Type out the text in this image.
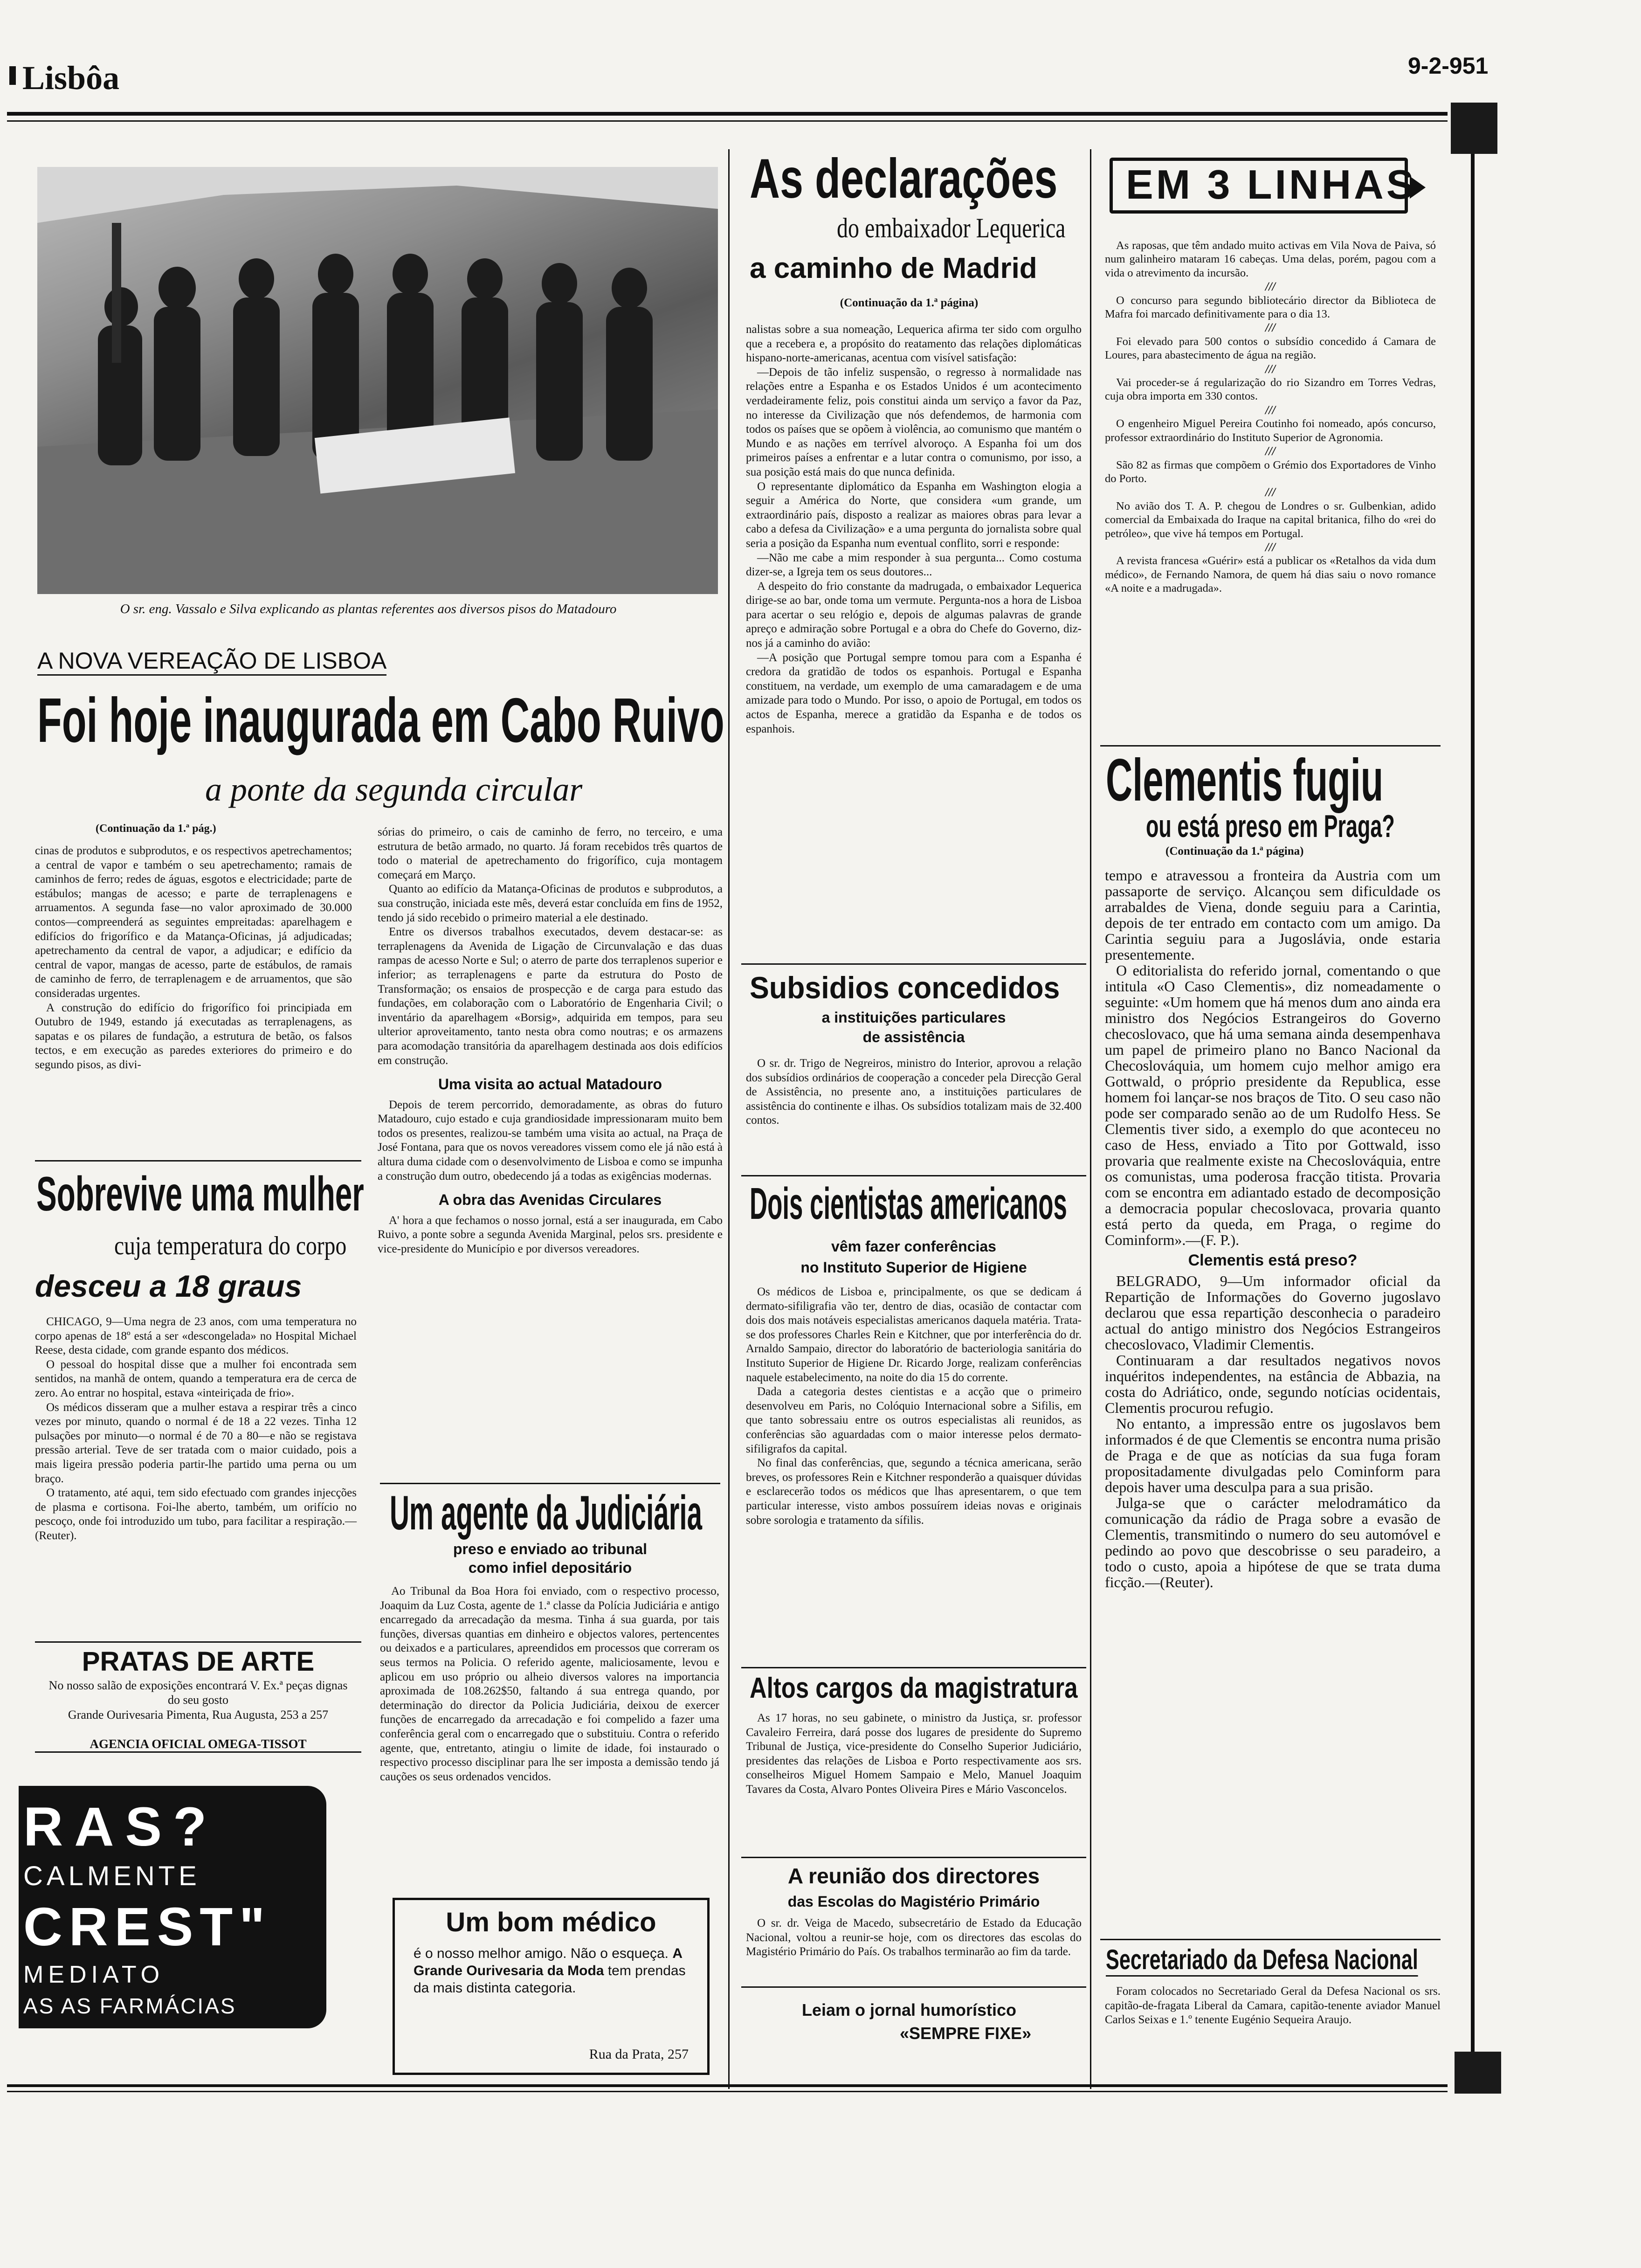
Lisbôa	9-2-951
O sr. eng. Vassalo e Silva explicando as plantas referentes aos diversos pisos do Matadouro
A NOVA VEREAÇÃO DE LISBOA
Foi hoje inaugurada em Cabo Ruivo
a ponte da segunda circular
(Continuação da 1.ª pág.)

cinas de produtos e subprodutos, e os respectivos apetrechamentos; a central de vapor e também o seu apetrechamento; ramais de caminhos de ferro; redes de águas, esgotos e electricidade; parte de estábulos; mangas de acesso; e parte de terraplenagens e arruamentos. A segunda fase—no valor aproximado de 30.000 contos—compreenderá as seguintes empreitadas: aparelhagem e edifícios do frigorífico e da Matança-Oficinas, já adjudicadas; apetrechamento da central de vapor, a adjudicar; e edifício da central de vapor, mangas de acesso, parte de estábulos, de ramais de caminho de ferro, de terraplenagem e de arruamentos, que são consideradas urgentes.

A construção do edifício do frigorífico foi principiada em Outubro de 1949, estando já executadas as terraplenagens, as sapatas e os pilares de fundação, a estrutura de betão, os falsos tectos, e em execução as paredes exteriores do primeiro e do segundo pisos, as divi-

sórias do primeiro, o cais de caminho de ferro, no terceiro, e uma estrutura de betão armado, no quarto. Já foram recebidos três quartos de todo o material de apetrechamento do frigorífico, cuja montagem começará em Março.

Quanto ao edifício da Matança-Oficinas de produtos e subprodutos, a sua construção, iniciada este mês, deverá estar concluída em fins de 1952, tendo já sido recebido o primeiro material a ele destinado.

Entre os diversos trabalhos executados, devem destacar-se: as terraplenagens da Avenida de Ligação de Circunvalação e das duas rampas de acesso Norte e Sul; o aterro de parte dos terraplenos superior e inferior; as terraplenagens e parte da estrutura do Posto de Transformação; os ensaios de prospecção e de carga para estudo das fundações, em colaboração com o Laboratório de Engenharia Civil; o inventário da aparelhagem «Borsig», adquirida em tempos, para seu ulterior aproveitamento, tanto nesta obra como noutras; e os armazens para acomodação transitória da aparelhagem destinada aos dois edifícios em construção.

Uma visita ao actual Matadouro

Depois de terem percorrido, demoradamente, as obras do futuro Matadouro, cujo estado e cuja grandiosidade impressionaram muito bem todos os presentes, realizou-se também uma visita ao actual, na Praça de José Fontana, para que os novos vereadores vissem como ele já não está à altura duma cidade com o desenvolvimento de Lisboa e como se impunha a construção dum outro, obedecendo já a todas as exigências modernas.

A obra das Avenidas Circulares

A' hora a que fechamos o nosso jornal, está a ser inaugurada, em Cabo Ruivo, a ponte sobre a segunda Avenida Marginal, pelos srs. presidente e vice-presidente do Município e por diversos vereadores.

Sobrevive uma mulher
cuja temperatura do corpo
desceu a 18 graus

CHICAGO, 9—Uma negra de 23 anos, com uma temperatura no corpo apenas de 18º está a ser «descongelada» no Hospital Michael Reese, desta cidade, com grande espanto dos médicos.

O pessoal do hospital disse que a mulher foi encontrada sem sentidos, na manhã de ontem, quando a temperatura era de cerca de zero. Ao entrar no hospital, estava «inteiriçada de frio».

Os médicos disseram que a mulher estava a respirar três a cinco vezes por minuto, quando o normal é de 18 a 22 vezes. Tinha 12 pulsações por minuto—o normal é de 70 a 80—e não se registava pressão arterial. Teve de ser tratada com o maior cuidado, pois a mais ligeira pressão poderia partir-lhe partido uma perna ou um braço.

O tratamento, até aqui, tem sido efectuado com grandes injecções de plasma e cortisona. Foi-lhe aberto, também, um orifício no pescoço, onde foi introduzido um tubo, para facilitar a respiração.—(Reuter).

PRATAS DE ARTE
No nosso salão de exposições encontrará V. Ex.ª peças dignas do seu gosto
Grande Ourivesaria Pimenta, Rua Augusta, 253 a 257
AGENCIA OFICIAL OMEGA-TISSOT
RAS?
CALMENTE
CREST"
MEDIATO
AS AS FARMÁCIAS
Um agente da Judiciária
preso e enviado ao tribunal
como infiel depositário

Ao Tribunal da Boa Hora foi enviado, com o respectivo processo, Joaquim da Luz Costa, agente de 1.ª classe da Polícia Judiciária e antigo encarregado da arrecadação da mesma. Tinha á sua guarda, por tais funções, diversas quantias em dinheiro e objectos valores, pertencentes ou deixados e a particulares, apreendidos em processos que correram os seus termos na Policia. O referido agente, maliciosamente, levou e aplicou em uso próprio ou alheio diversos valores na importancia aproximada de 108.262$50, faltando á sua entrega quando, por determinação do director da Policia Judiciária, deixou de exercer funções de encarregado da arrecadação e foi compelido a fazer uma conferência geral com o encarregado que o substituiu. Contra o referido agente, que, entretanto, atingiu o limite de idade, foi instaurado o respectivo processo disciplinar para lhe ser imposta a demissão tendo já cauções os seus ordenados vencidos.

Um bom médico
é o nosso melhor amigo. Não o esqueça. A Grande Ourivesaria da Moda tem prendas da mais distinta categoria.
Rua da Prata, 257
As declarações
do embaixador Lequerica
a caminho de Madrid
(Continuação da 1.ª página)

nalistas sobre a sua nomeação, Lequerica afirma ter sido com orgulho que a recebera e, a propósito do reatamento das relações diplomáticas hispano-norte-americanas, acentua com visível satisfação:

—Depois de tão infeliz suspensão, o regresso à normalidade nas relações entre a Espanha e os Estados Unidos é um acontecimento verdadeiramente feliz, pois constitui ainda um serviço a favor da Paz, no interesse da Civilização que nós defendemos, de harmonia com todos os países que se opõem à violência, ao comunismo que mantém o Mundo e as nações em terrível alvoroço. A Espanha foi um dos primeiros países a enfrentar e a lutar contra o comunismo, por isso, a sua posição está mais do que nunca definida.

O representante diplomático da Espanha em Washington elogia a seguir a América do Norte, que considera «um grande, um extraordinário país, disposto a realizar as maiores obras para levar a cabo a defesa da Civilização» e a uma pergunta do jornalista sobre qual seria a posição da Espanha num eventual conflito, sorri e responde:

—Não me cabe a mim responder à sua pergunta... Como costuma dizer-se, a Igreja tem os seus doutores...

A despeito do frio constante da madrugada, o embaixador Lequerica dirige-se ao bar, onde toma um vermute. Pergunta-nos a hora de Lisboa para acertar o seu relógio e, depois de algumas palavras de grande apreço e admiração sobre Portugal e a obra do Chefe do Governo, diz-nos já a caminho do avião:

—A posição que Portugal sempre tomou para com a Espanha é credora da gratidão de todos os espanhois. Portugal e Espanha constituem, na verdade, um exemplo de uma camaradagem e de uma amizade para todo o Mundo. Por isso, o apoio de Portugal, em todos os actos de Espanha, merece a gratidão da Espanha e de todos os espanhois.

Subsidios concedidos
a instituições particulares
de assistência

O sr. dr. Trigo de Negreiros, ministro do Interior, aprovou a relação dos subsídios ordinários de cooperação a conceder pela Direcção Geral de Assistência, no presente ano, a instituições particulares de assistência do continente e ilhas. Os subsídios totalizam mais de 32.400 contos.

Dois cientistas americanos
vêm fazer conferências
no Instituto Superior de Higiene

Os médicos de Lisboa e, principalmente, os que se dedicam á dermato-sifiligrafia vão ter, dentro de dias, ocasião de contactar com dois dos mais notáveis especialistas americanos daquela matéria. Trata-se dos professores Charles Rein e Kitchner, que por interferência do dr. Arnaldo Sampaio, director do laboratório de bacteriologia sanitária do Instituto Superior de Higiene Dr. Ricardo Jorge, realizam conferências naquele estabelecimento, na noite do dia 15 do corrente.

Dada a categoria destes cientistas e a acção que o primeiro desenvolveu em Paris, no Colóquio Internacional sobre a Sifilis, em que tanto sobressaiu entre os outros especialistas ali reunidos, as conferências são aguardadas com o maior interesse pelos dermato-sifiligrafos da capital.

No final das conferências, que, segundo a técnica americana, serão breves, os professores Rein e Kitchner responderão a quaisquer dúvidas e esclarecerão todos os médicos que lhas apresentarem, o que tem particular interesse, visto ambos possuírem ideias novas e originais sobre sorologia e tratamento da sífilis.

Altos cargos da magistratura

As 17 horas, no seu gabinete, o ministro da Justiça, sr. professor Cavaleiro Ferreira, dará posse dos lugares de presidente do Supremo Tribunal de Justiça, vice-presidente do Conselho Superior Judiciário, presidentes das relações de Lisboa e Porto respectivamente aos srs. conselheiros Miguel Homem Sampaio e Melo, Manuel Joaquim Tavares da Costa, Alvaro Pontes Oliveira Pires e Mário Vasconcelos.

A reunião dos directores
das Escolas do Magistério Primário

O sr. dr. Veiga de Macedo, subsecretário de Estado da Educação Nacional, voltou a reunir-se hoje, com os directores das escolas do Magistério Primário do País. Os trabalhos terminarão ao fim da tarde.

Leiam o jornal humorístico
«SEMPRE FIXE»
EM 3 LINHAS

As raposas, que têm andado muito activas em Vila Nova de Paiva, só num galinheiro mataram 16 cabeças. Uma delas, porém, pagou com a vida o atrevimento da incursão.

///

O concurso para segundo bibliotecário director da Biblioteca de Mafra foi marcado definitivamente para o dia 13.

///

Foi elevado para 500 contos o subsídio concedido á Camara de Loures, para abastecimento de água na região.

///

Vai proceder-se á regularização do rio Sizandro em Torres Vedras, cuja obra importa em 330 contos.

///

O engenheiro Miguel Pereira Coutinho foi nomeado, após concurso, professor extraordinário do Instituto Superior de Agronomia.

///

São 82 as firmas que compõem o Grémio dos Exportadores de Vinho do Porto.

///

No avião dos T. A. P. chegou de Londres o sr. Gulbenkian, adido comercial da Embaixada do Iraque na capital britanica, filho do «rei do petróleo», que vive há tempos em Portugal.

///

A revista francesa «Guérir» está a publicar os «Retalhos da vida dum médico», de Fernando Namora, de quem há dias saiu o novo romance «A noite e a madrugada».

Clementis fugiu
ou está preso em Praga?
(Continuação da 1.ª página)

tempo e atravessou a fronteira da Austria com um passaporte de serviço. Alcançou sem dificuldade os arrabaldes de Viena, donde seguiu para a Carintia, depois de ter entrado em contacto com um amigo. Da Carintia seguiu para a Jugoslávia, onde estaria presentemente.

O editorialista do referido jornal, comentando o que intitula «O Caso Clementis», diz nomeadamente o seguinte: «Um homem que há menos dum ano ainda era ministro dos Negócios Estrangeiros do Governo checoslovaco, que há uma semana ainda desempenhava um papel de primeiro plano no Banco Nacional da Checoslováquia, um homem cujo melhor amigo era Gottwald, o próprio presidente da Republica, esse homem foi lançar-se nos braços de Tito. O seu caso não pode ser comparado senão ao de um Rudolfo Hess. Se Clementis tiver sido, a exemplo do que aconteceu no caso de Hess, enviado a Tito por Gottwald, isso provaria que realmente existe na Checoslováquia, entre os comunistas, uma poderosa fracção titista. Provaria com se encontra em adiantado estado de decomposição a democracia popular checoslovaca, provaria quanto está perto da queda, em Praga, o regime do Cominform».—(F. P.).

Clementis está preso?

BELGRADO, 9—Um informador oficial da Repartição de Informações do Governo jugoslavo declarou que essa repartição desconhecia o paradeiro actual do antigo ministro dos Negócios Estrangeiros checoslovaco, Vladimir Clementis.

Continuaram a dar resultados negativos novos inquéritos independentes, na estância de Abbazia, na costa do Adriático, onde, segundo notícias ocidentais, Clementis procurou refugio.

No entanto, a impressão entre os jugoslavos bem informados é de que Clementis se encontra numa prisão de Praga e de que as notícias da sua fuga foram propositadamente divulgadas pelo Cominform para depois haver uma desculpa para a sua prisão.

Julga-se que o carácter melodramático da comunicação da rádio de Praga sobre a evasão de Clementis, transmitindo o numero do seu automóvel e pedindo ao povo que descobrisse o seu paradeiro, a todo o custo, apoia a hipótese de que se trata duma ficção.—(Reuter).

Secretariado da Defesa Nacional

Foram colocados no Secretariado Geral da Defesa Nacional os srs. capitão-de-fragata Liberal da Camara, capitão-tenente aviador Manuel Carlos Seixas e 1.º tenente Eugénio Sequeira Araujo.
